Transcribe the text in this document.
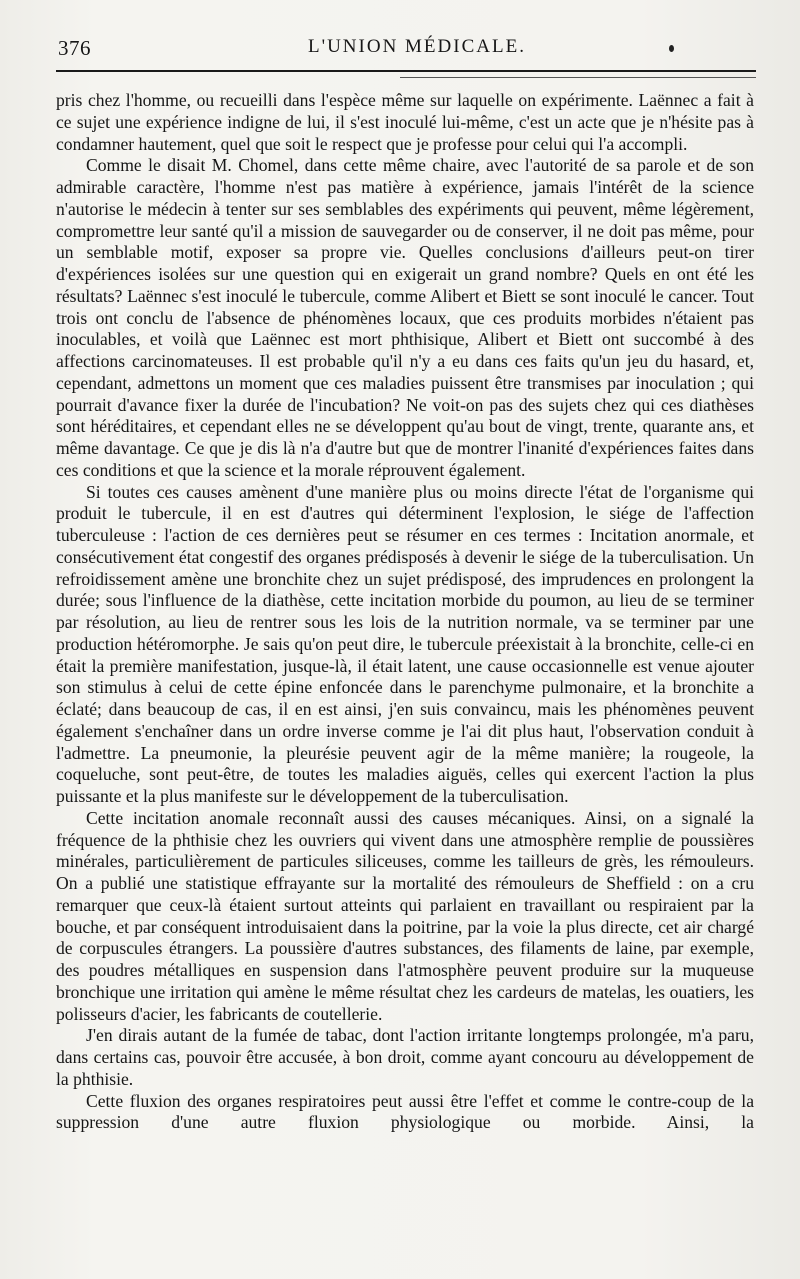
376	L'UNION MÉDICALE.

pris chez l'homme, ou recueilli dans l'espèce même sur laquelle on expérimente. Laënnec a fait à ce sujet une expérience indigne de lui, il s'est inoculé lui-même, c'est un acte que je n'hésite pas à condamner hautement, quel que soit le respect que je professe pour celui qui l'a accompli.

Comme le disait M. Chomel, dans cette même chaire, avec l'autorité de sa parole et de son admirable caractère, l'homme n'est pas matière à expérience, jamais l'intérêt de la science n'autorise le médecin à tenter sur ses semblables des expériments qui peuvent, même légèrement, compromettre leur santé qu'il a mission de sauvegarder ou de conserver, il ne doit pas même, pour un semblable motif, exposer sa propre vie. Quelles conclusions d'ailleurs peut-on tirer d'expériences isolées sur une question qui en exigerait un grand nombre? Quels en ont été les résultats? Laënnec s'est inoculé le tubercule, comme Alibert et Biett se sont inoculé le cancer. Tout trois ont conclu de l'absence de phénomènes locaux, que ces produits morbides n'étaient pas inoculables, et voilà que Laënnec est mort phthisique, Alibert et Biett ont succombé à des affections carcinomateuses. Il est probable qu'il n'y a eu dans ces faits qu'un jeu du hasard, et, cependant, admettons un moment que ces maladies puissent être transmises par inoculation ; qui pourrait d'avance fixer la durée de l'incubation? Ne voit-on pas des sujets chez qui ces diathèses sont héréditaires, et cependant elles ne se développent qu'au bout de vingt, trente, quarante ans, et même davantage. Ce que je dis là n'a d'autre but que de montrer l'inanité d'expériences faites dans ces conditions et que la science et la morale réprouvent également.

Si toutes ces causes amènent d'une manière plus ou moins directe l'état de l'organisme qui produit le tubercule, il en est d'autres qui déterminent l'explosion, le siége de l'affection tuberculeuse : l'action de ces dernières peut se résumer en ces termes : Incitation anormale, et consécutivement état congestif des organes prédisposés à devenir le siége de la tuberculisation. Un refroidissement amène une bronchite chez un sujet prédisposé, des imprudences en prolongent la durée; sous l'influence de la diathèse, cette incitation morbide du poumon, au lieu de se terminer par résolution, au lieu de rentrer sous les lois de la nutrition normale, va se terminer par une production hétéromorphe. Je sais qu'on peut dire, le tubercule préexistait à la bronchite, celle-ci en était la première manifestation, jusque-là, il était latent, une cause occasionnelle est venue ajouter son stimulus à celui de cette épine enfoncée dans le parenchyme pulmonaire, et la bronchite a éclaté; dans beaucoup de cas, il en est ainsi, j'en suis convaincu, mais les phénomènes peuvent également s'enchaîner dans un ordre inverse comme je l'ai dit plus haut, l'observation conduit à l'admettre. La pneumonie, la pleurésie peuvent agir de la même manière; la rougeole, la coqueluche, sont peut-être, de toutes les maladies aiguës, celles qui exercent l'action la plus puissante et la plus manifeste sur le développement de la tuberculisation.

Cette incitation anomale reconnaît aussi des causes mécaniques. Ainsi, on a signalé la fréquence de la phthisie chez les ouvriers qui vivent dans une atmosphère remplie de poussières minérales, particulièrement de particules siliceuses, comme les tailleurs de grès, les rémouleurs. On a publié une statistique effrayante sur la mortalité des rémouleurs de Sheffield : on a cru remarquer que ceux-là étaient surtout atteints qui parlaient en travaillant ou respiraient par la bouche, et par conséquent introduisaient dans la poitrine, par la voie la plus directe, cet air chargé de corpuscules étrangers. La poussière d'autres substances, des filaments de laine, par exemple, des poudres métalliques en suspension dans l'atmosphère peuvent produire sur la muqueuse bronchique une irritation qui amène le même résultat chez les cardeurs de matelas, les ouatiers, les polisseurs d'acier, les fabricants de coutellerie.

J'en dirais autant de la fumée de tabac, dont l'action irritante longtemps prolongée, m'a paru, dans certains cas, pouvoir être accusée, à bon droit, comme ayant concouru au développement de la phthisie.

Cette fluxion des organes respiratoires peut aussi être l'effet et comme le contre-coup de la suppression d'une autre fluxion physiologique ou morbide. Ainsi, la
